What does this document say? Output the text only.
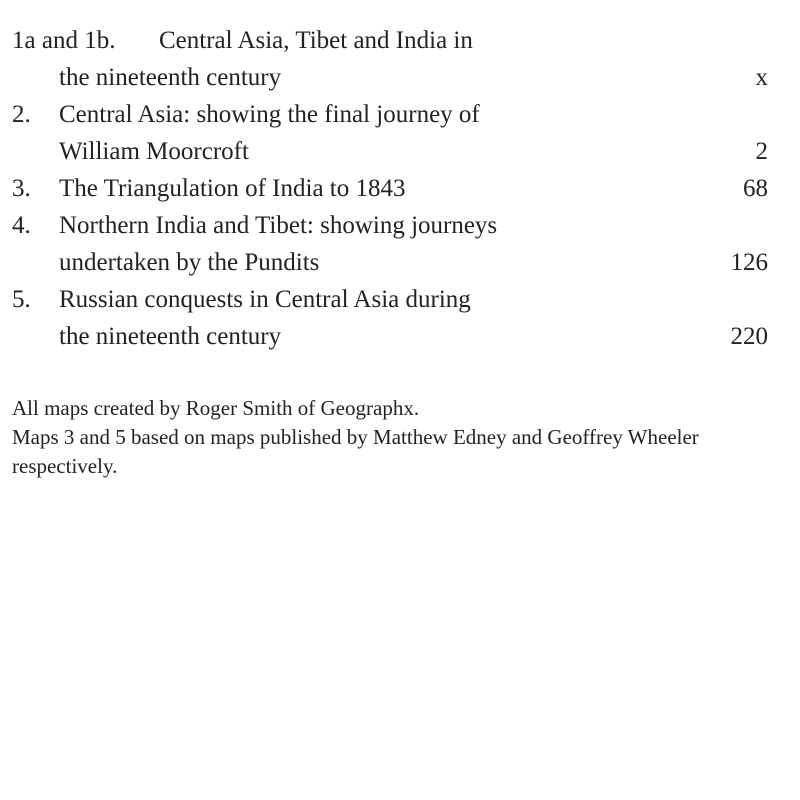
1a and 1b. Central Asia, Tibet and India in
the nineteenth century	x
2. Central Asia: showing the final journey of
William Moorcroft	2
3. The Triangulation of India to 1843	68
4. Northern India and Tibet: showing journeys
undertaken by the Pundits	126
5. Russian conquests in Central Asia during
the nineteenth century	220
All maps created by Roger Smith of Geographx.
Maps 3 and 5 based on maps published by Matthew Edney and Geoffrey Wheeler respectively.
